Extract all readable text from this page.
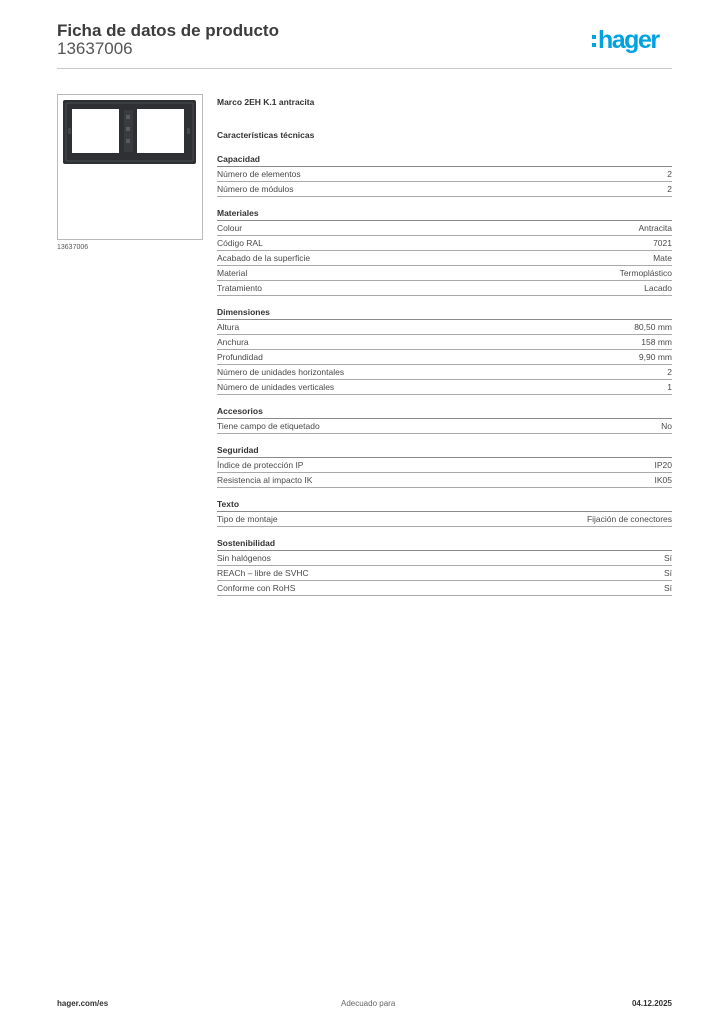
Ficha de datos de producto
13637006	hager
13637006
Marco 2EH K.1 antracita
Características técnicas
Capacidad
Número de elementos	2
Número de módulos	2
Materiales
Colour	Antracita
Código RAL	7021
Acabado de la superficie	Mate
Material	Termoplástico
Tratamiento	Lacado
Dimensiones
Altura	80,50 mm
Anchura	158 mm
Profundidad	9,90 mm
Número de unidades horizontales	2
Número de unidades verticales	1
Accesorios
Tiene campo de etiquetado	No
Seguridad
Índice de protección IP	IP20
Resistencia al impacto IK	IK05
Texto
Tipo de montaje	Fijación de conectores
Sostenibilidad
Sin halógenos	Sí
REACh – libre de SVHC	Sí
Conforme con RoHS	Sí
hager.com/es	Adecuado para	04.12.2025
